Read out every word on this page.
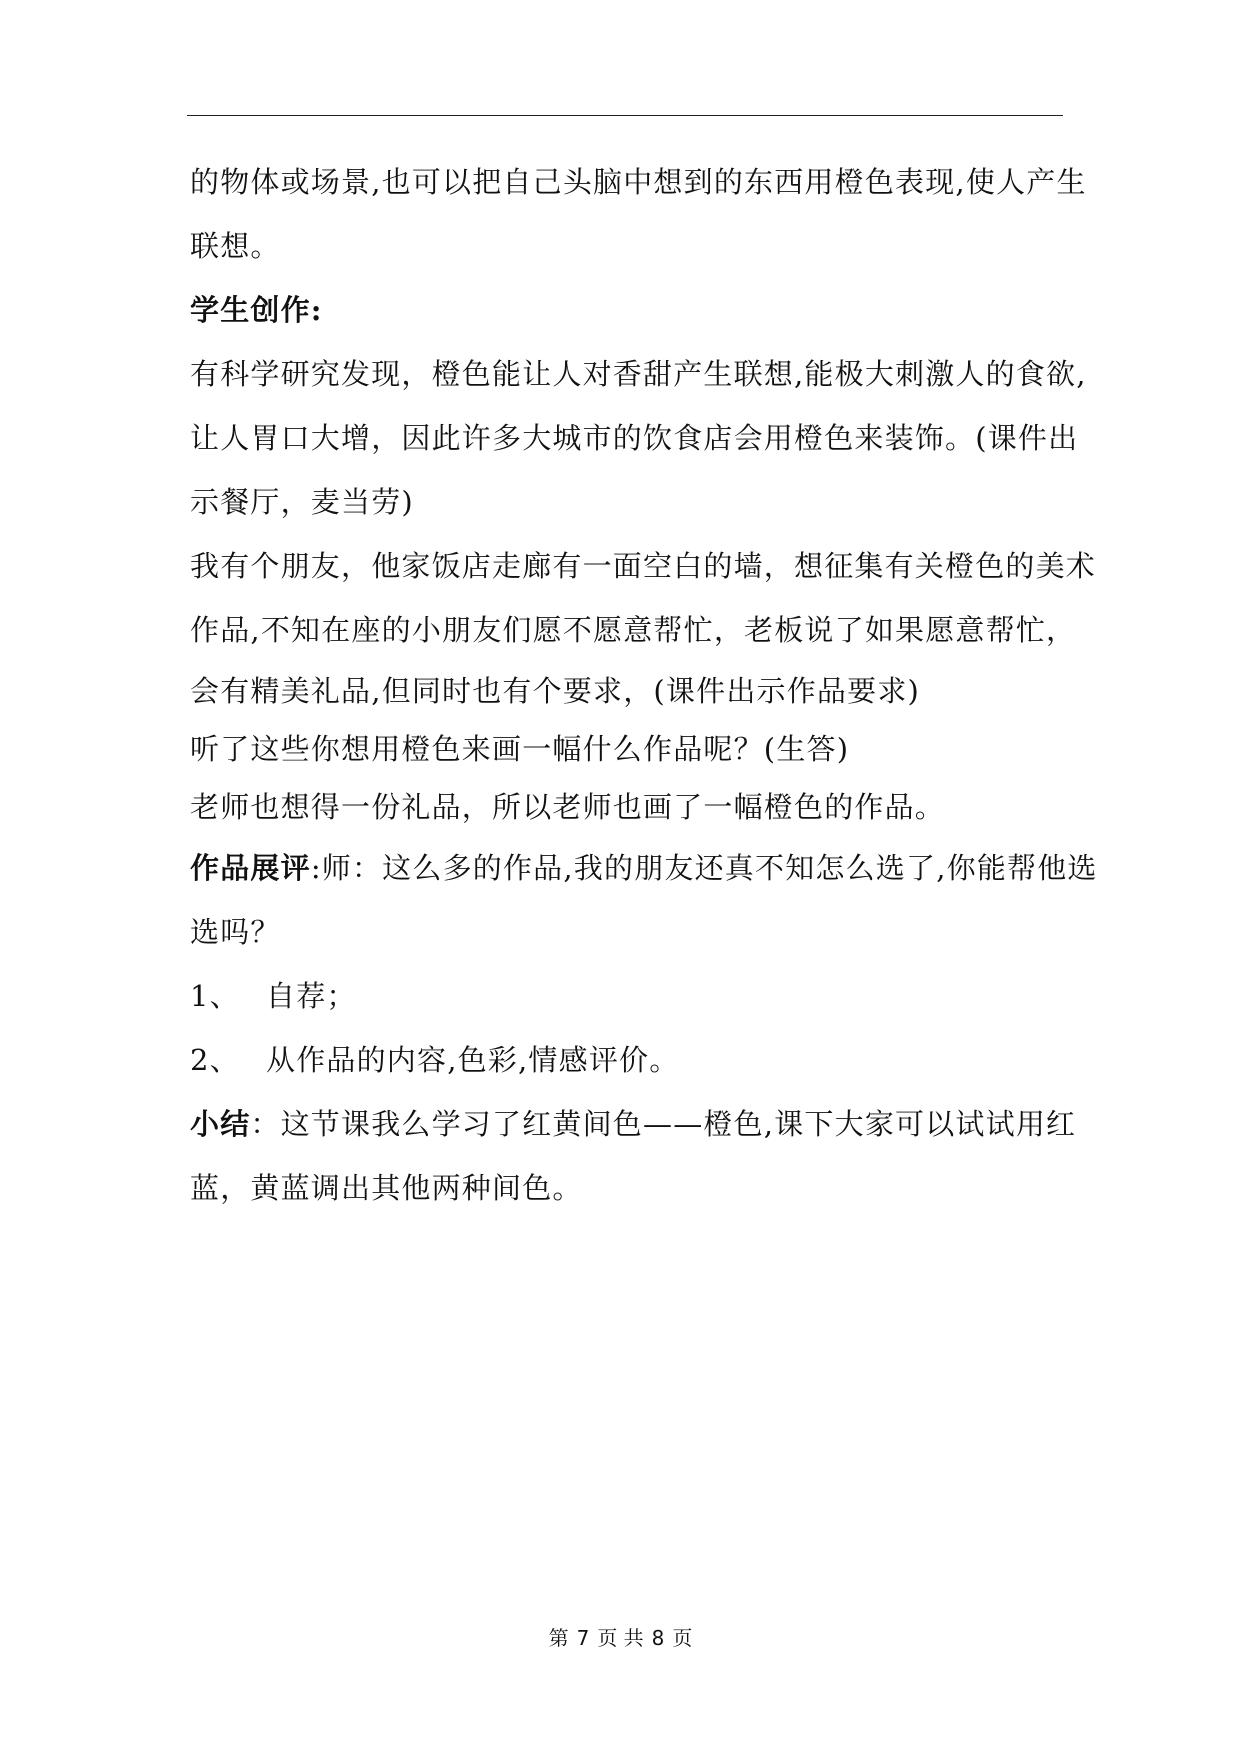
的物体或场景,也可以把自己头脑中想到的东西用橙色表现,使人产生
联想。
学生创作:
有科学研究发现，橙色能让人对香甜产生联想,能极大刺激人的食欲,
让人胃口大增，因此许多大城市的饮食店会用橙色来装饰。(课件出
示餐厅，麦当劳)
我有个朋友，他家饭店走廊有一面空白的墙，想征集有关橙色的美术
作品,不知在座的小朋友们愿不愿意帮忙，老板说了如果愿意帮忙，
会有精美礼品,但同时也有个要求，(课件出示作品要求)
听了这些你想用橙色来画一幅什么作品呢？(生答)
老师也想得一份礼品，所以老师也画了一幅橙色的作品。
作品展评:师：这么多的作品,我的朋友还真不知怎么选了,你能帮他选
选吗？
1、 自荐；
2、 从作品的内容,色彩,情感评价。
小结：这节课我么学习了红黄间色——橙色,课下大家可以试试用红
蓝，黄蓝调出其他两种间色。
第 7 页 共 8 页
